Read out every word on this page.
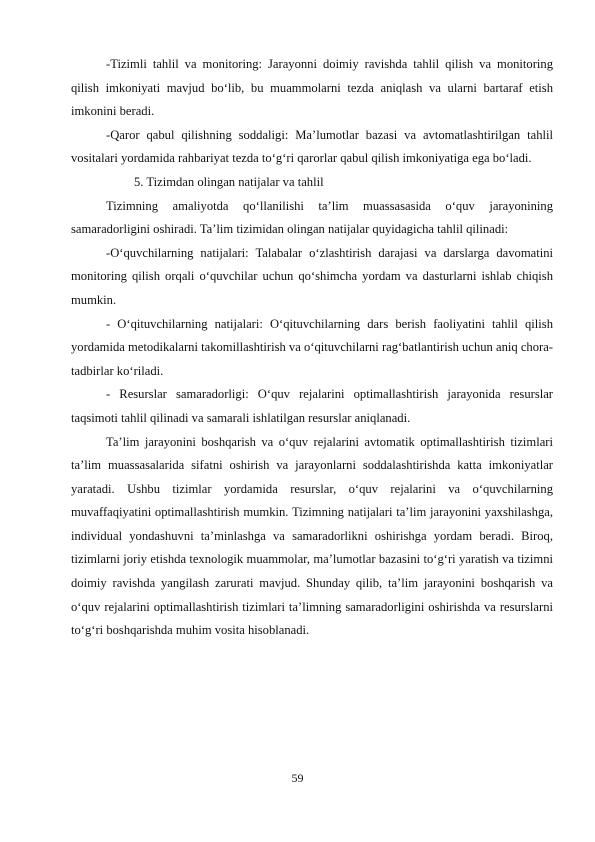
-Tizimli tahlil va monitoring: Jarayonni doimiy ravishda tahlil qilish va monitoring qilish imkoniyati mavjud bo‘lib, bu muammolarni tezda aniqlash va ularni bartaraf etish imkonini beradi.

-Qaror qabul qilishning soddaligi: Ma’lumotlar bazasi va avtomatlashtirilgan tahlil vositalari yordamida rahbariyat tezda to‘g‘ri qarorlar qabul qilish imkoniyatiga ega bo‘ladi.

5. Tizimdan olingan natijalar va tahlil

Tizimning amaliyotda qo‘llanilishi ta’lim muassasasida o‘quv jarayonining samaradorligini oshiradi. Ta’lim tizimidan olingan natijalar quyidagicha tahlil qilinadi:

-O‘quvchilarning natijalari: Talabalar o‘zlashtirish darajasi va darslarga davomatini monitoring qilish orqali o‘quvchilar uchun qo‘shimcha yordam va dasturlarni ishlab chiqish mumkin.

- O‘qituvchilarning natijalari: O‘qituvchilarning dars berish faoliyatini tahlil qilish yordamida metodikalarni takomillashtirish va o‘qituvchilarni rag‘batlantirish uchun aniq chora-tadbirlar ko‘riladi.

- Resurslar samaradorligi: O‘quv rejalarini optimallashtirish jarayonida resurslar taqsimoti tahlil qilinadi va samarali ishlatilgan resurslar aniqlanadi.

Ta’lim jarayonini boshqarish va o‘quv rejalarini avtomatik optimallashtirish tizimlari ta’lim muassasalarida sifatni oshirish va jarayonlarni soddalashtirishda katta imkoniyatlar yaratadi. Ushbu tizimlar yordamida resurslar, o‘quv rejalarini va o‘quvchilarning muvaffaqiyatini optimallashtirish mumkin. Tizimning natijalari ta’lim jarayonini yaxshilashga, individual yondashuvni ta’minlashga va samaradorlikni oshirishga yordam beradi. Biroq, tizimlarni joriy etishda texnologik muammolar, ma’lumotlar bazasini to‘g‘ri yaratish va tizimni doimiy ravishda yangilash zarurati mavjud. Shunday qilib, ta’lim jarayonini boshqarish va o‘quv rejalarini optimallashtirish tizimlari ta’limning samaradorligini oshirishda va resurslarni to‘g‘ri boshqarishda muhim vosita hisoblanadi.

59
